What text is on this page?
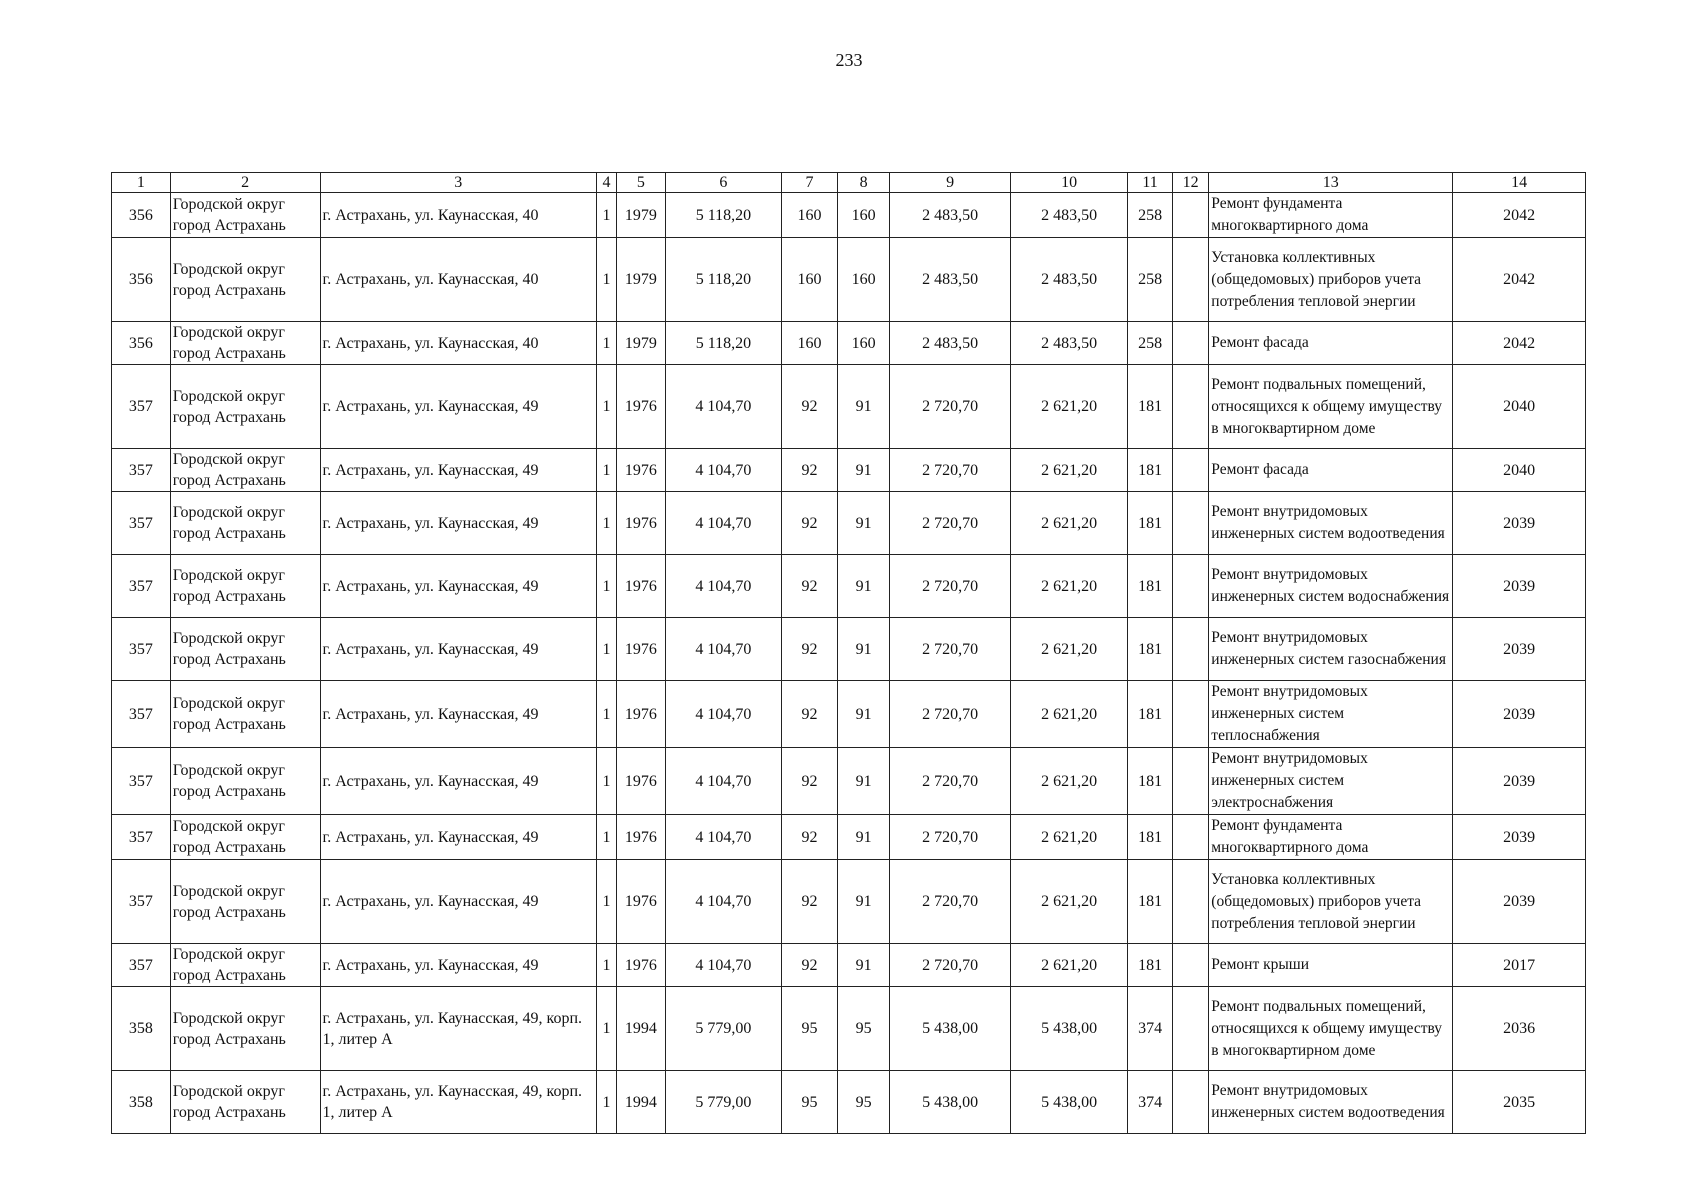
233
1	2	3	4	5	6	7	8	9	10	11	12	13	14
356	Городской округ город Астрахань	г. Астрахань, ул. Каунасская, 40	1	1979	5 118,20	160	160	2 483,50	2 483,50	258		Ремонт фундамента многоквартирного дома	2042
356	Городской округ город Астрахань	г. Астрахань, ул. Каунасская, 40	1	1979	5 118,20	160	160	2 483,50	2 483,50	258		Установка коллективных (общедомовых) приборов учета потребления тепловой энергии	2042
356	Городской округ город Астрахань	г. Астрахань, ул. Каунасская, 40	1	1979	5 118,20	160	160	2 483,50	2 483,50	258		Ремонт фасада	2042
357	Городской округ город Астрахань	г. Астрахань, ул. Каунасская, 49	1	1976	4 104,70	92	91	2 720,70	2 621,20	181		Ремонт подвальных помещений, относящихся к общему имуществу в многоквартирном доме	2040
357	Городской округ город Астрахань	г. Астрахань, ул. Каунасская, 49	1	1976	4 104,70	92	91	2 720,70	2 621,20	181		Ремонт фасада	2040
357	Городской округ город Астрахань	г. Астрахань, ул. Каунасская, 49	1	1976	4 104,70	92	91	2 720,70	2 621,20	181		Ремонт внутридомовых инженерных систем водоотведения	2039
357	Городской округ город Астрахань	г. Астрахань, ул. Каунасская, 49	1	1976	4 104,70	92	91	2 720,70	2 621,20	181		Ремонт внутридомовых инженерных систем водоснабжения	2039
357	Городской округ город Астрахань	г. Астрахань, ул. Каунасская, 49	1	1976	4 104,70	92	91	2 720,70	2 621,20	181		Ремонт внутридомовых инженерных систем газоснабжения	2039
357	Городской округ город Астрахань	г. Астрахань, ул. Каунасская, 49	1	1976	4 104,70	92	91	2 720,70	2 621,20	181		Ремонт внутридомовых инженерных систем теплоснабжения	2039
357	Городской округ город Астрахань	г. Астрахань, ул. Каунасская, 49	1	1976	4 104,70	92	91	2 720,70	2 621,20	181		Ремонт внутридомовых инженерных систем электроснабжения	2039
357	Городской округ город Астрахань	г. Астрахань, ул. Каунасская, 49	1	1976	4 104,70	92	91	2 720,70	2 621,20	181		Ремонт фундамента многоквартирного дома	2039
357	Городской округ город Астрахань	г. Астрахань, ул. Каунасская, 49	1	1976	4 104,70	92	91	2 720,70	2 621,20	181		Установка коллективных (общедомовых) приборов учета потребления тепловой энергии	2039
357	Городской округ город Астрахань	г. Астрахань, ул. Каунасская, 49	1	1976	4 104,70	92	91	2 720,70	2 621,20	181		Ремонт крыши	2017
358	Городской округ город Астрахань	г. Астрахань, ул. Каунасская, 49, корп. 1, литер А	1	1994	5 779,00	95	95	5 438,00	5 438,00	374		Ремонт подвальных помещений, относящихся к общему имуществу в многоквартирном доме	2036
358	Городской округ город Астрахань	г. Астрахань, ул. Каунасская, 49, корп. 1, литер А	1	1994	5 779,00	95	95	5 438,00	5 438,00	374		Ремонт внутридомовых инженерных систем водоотведения	2035
